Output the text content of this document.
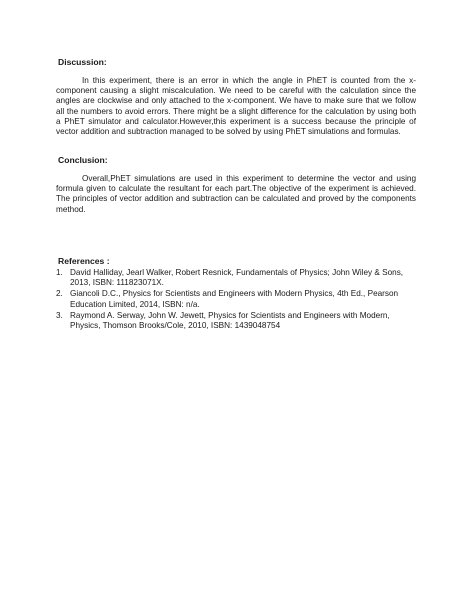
Discussion:
In this experiment, there is an error in which the angle in PhET is counted from the x-component causing a slight miscalculation. We need to be careful with the calculation since the angles are clockwise and only attached to the x-component. We have to make sure that we follow all the numbers to avoid errors. There might be a slight difference for the calculation by using both a PhET simulator and calculator.However,this experiment is a success because the principle of vector addition and subtraction managed to be solved by using PhET simulations and formulas.
Conclusion:
Overall,PhET simulations are used in this experiment to determine the vector and using formula given to calculate the resultant for each part.The objective of the experiment is achieved. The principles of vector addition and subtraction can be calculated and proved by the components method.
References :
1. David Halliday, Jearl Walker, Robert Resnick, Fundamentals of Physics; John Wiley & Sons, 2013, ISBN: 111823071X.
2. Giancoli D.C., Physics for Scientists and Engineers with Modern Physics, 4th Ed., Pearson Education Limited, 2014, ISBN: n/a.
3. Raymond A. Serway, John W. Jewett, Physics for Scientists and Engineers with Modern, Physics, Thomson Brooks/Cole, 2010, ISBN: 1439048754
